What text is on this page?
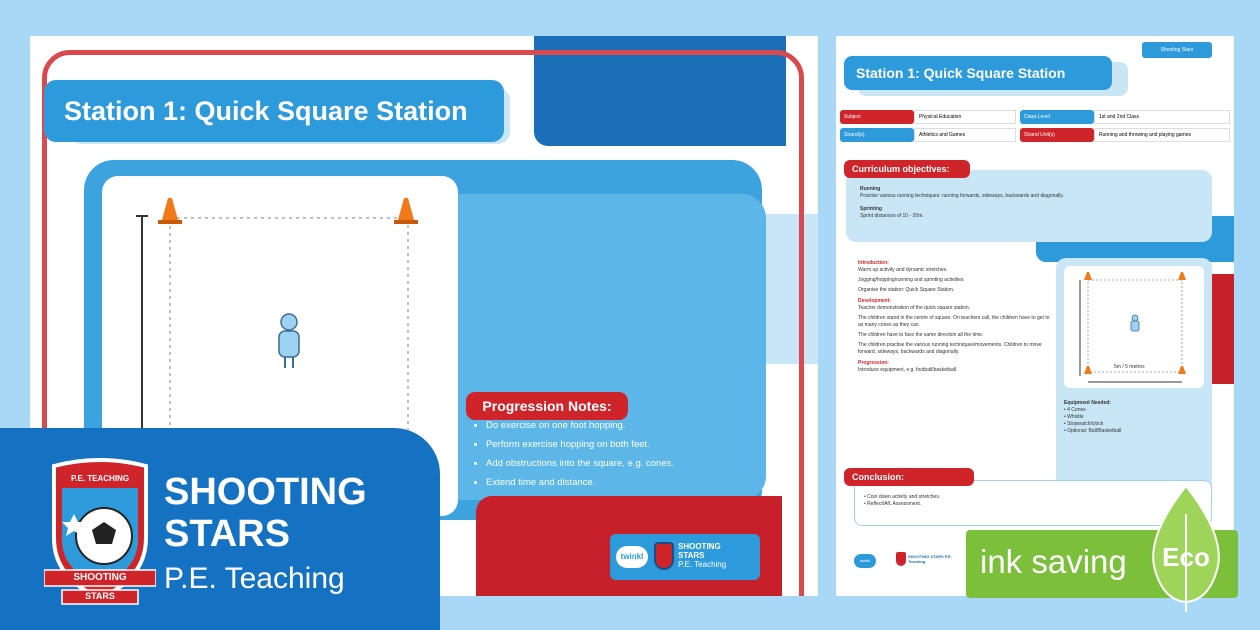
Station 1: Quick Square Station
Progression Notes:
• Do exercise on one foot hopping.
• Perform exercise hopping on both feet.
• Add obstructions into the square, e.g. cones.
• Extend time and distance.
twinkl
SHOOTING
STARS
P.E. Teaching
Shooting Stars
Station 1: Quick Square Station
Subject	Physical Education	Class Level	1st and 2nd Class
Strand(s)	Athletics and Games	Strand Unit(s)	Running and throwing and playing games
Curriculum objectives:
Running
Practise various running techniques: running forwards, sideways, backwards and diagonally.
Sprinting
Sprint distances of 10 - 20m.
Introduction:
Warm up activity and dynamic stretches.
Jogging/hopping/running and sprinting activities.
Organise the station: Quick Square Station.
Development:
Teacher demonstration of the quick square station.
The children stand in the centre of square. On teachers call, the children have to get to as many cones as they can.
The children have to face the same direction all the time.
The children practise the various running techniques/movements. Children to move forward, sideways, backwards and diagonally.
Progression:
Introduce equipment, e.g. football/basketball.	5m / 5 metres
Equipment Needed:
• 4 Cones
• Whistle
• Stopwatch/clock
• Optional: Ball/Basketball
Conclusion:
• Cool down activity and stretches.
• Reflect/AfL Assessment.
twinkl
SHOOTING STARS P.E. Teaching
P.E. TEACHING
SHOOTING
STARS
SHOOTING
STARS
P.E. Teaching	ink saving	Eco
